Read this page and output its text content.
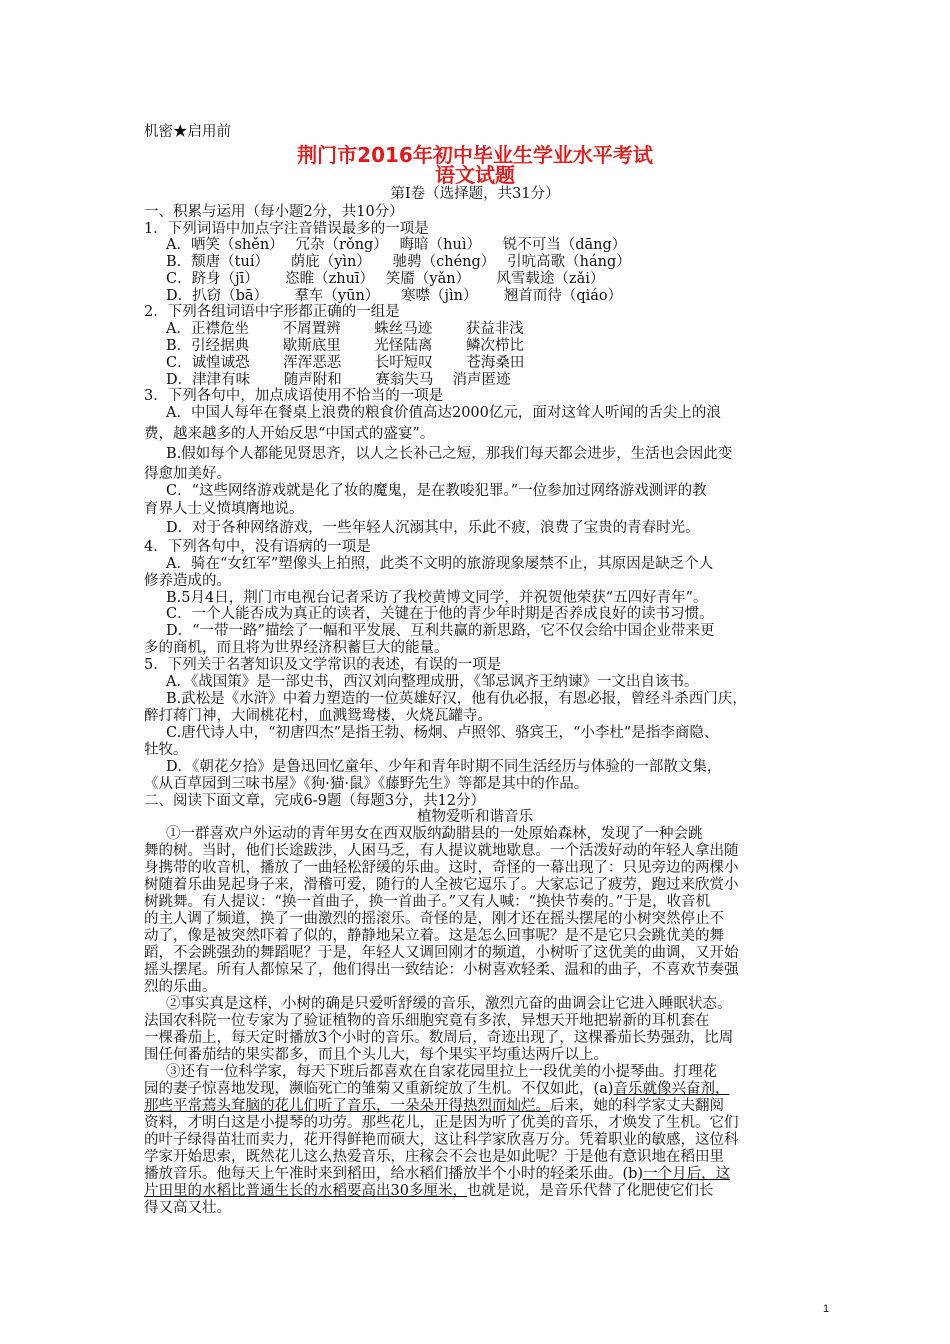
机密★启用前
荆门市2016年初中毕业生学业水平考试
语文试题
第Ⅰ卷（选择题，共31分）
一、积累与运用（每小题2分，共10分）
1．下列词语中加点字注音错误最多的一项是
A．哂笑（shěn）　 冗杂（rǒng）　 晦暗（huì）　　锐不可当（dāng）
B．颓唐（tuí）　　荫庇（yìn）　　驰骋（chéng）　 引吭高歌（háng）
C．跻身（jī）　　 恣睢（zhuī）　 笑靥（yǎn）　　 风雪载途（zǎi）
D．扒窃（bā）　　 羣车（yūn）　　寒噤（jìn）　　 翘首而待（qiáo）
2．下列各组词语中字形都正确的一组是
A．正襟危坐　　 不屑置辨　　 蛛丝马迹　　 获益非浅
B．引经据典　　 歇斯底里　　 光怪陆离　　 鳞次栉比
C．诚惶诚恐　　 浑浑恶恶　　 长吁短叹　　 苍海桑田
D．津津有味　　 随声附和　　 赛翁失马　 消声匿迹
3．下列各句中，加点成语使用不恰当的一项是
A．中国人每年在餐桌上浪费的粮食价值高达2000亿元，面对这耸人听闻的舌尖上的浪
费，越来越多的人开始反思“中国式的盛宴”。
B.假如每个人都能见贤思齐，以人之长补己之短，那我们每天都会进步，生活也会因此变
得愈加美好。
C．“这些网络游戏就是化了妆的魔鬼，是在教唆犯罪。”一位参加过网络游戏测评的教
育界人士义愤填膺地说。
D．对于各种网络游戏，一些年轻人沉溺其中，乐此不疲，浪费了宝贵的青春时光。
4．下列各句中，没有语病的一项是
A．骑在“女红军”塑像头上拍照，此类不文明的旅游现象屡禁不止，其原因是缺乏个人
修养造成的。
B.5月4日，荆门市电视台记者采访了我校黄博文同学，并祝贺他荣获“五四好青年”。
C．一个人能否成为真正的读者，关键在于他的青少年时期是否养成良好的读书习惯。
D．“一带一路”描绘了一幅和平发展、互利共赢的新思路，它不仅会给中国企业带来更
多的商机，而且将为世界经济积蓄巨大的能量。
5．下列关于名著知识及文学常识的表述，有误的一项是
A．《战国策》是一部史书，西汉刘向整理成册，《邹忌讽齐王纳谏》一文出自该书。
B.武松是《水浒》中着力塑造的一位英雄好汉，他有仇必报，有恩必报，曾经斗杀西门庆，
醉打蒋门神，大闹桃花村，血溅鸳鸯楼，火烧瓦罐寺。
C.唐代诗人中，“初唐四杰”是指王勃、杨炯、卢照邻、骆宾王，“小李杜”是指李商隐、
牡牧。
D．《朝花夕拾》是鲁迅回忆童年、少年和青年时期不同生活经历与体验的一部散文集，
《从百草园到三味书屋》《狗·猫·鼠》《藤野先生》等都是其中的作品。
二、阅读下面文章，完成6-9题（每题3分，共12分）
植物爱听和谐音乐
①一群喜欢户外运动的青年男女在西双版纳勐腊县的一处原始森林，发现了一种会跳
舞的树。当时，他们长途跋涉，人困马乏，有人提议就地歇息。一个活泼好动的年轻人拿出随
身携带的收音机，播放了一曲轻松舒缓的乐曲。这时，奇怪的一幕出现了：只见旁边的两棵小
树随着乐曲晃起身子来，滑稽可爱，随行的人全被它逗乐了。大家忘记了疲劳，跑过来欣赏小
树跳舞。有人提议：“换一首曲子，换一首曲子。”又有人喊：“换快节奏的。”于是，收音机
的主人调了频道，换了一曲激烈的摇滚乐。奇怪的是，刚才还在摇头摆尾的小树突然停止不
动了，像是被突然吓着了似的，静静地呆立着。这是怎么回事呢？是不是它只会跳优美的舞
蹈，不会跳强劲的舞蹈呢？于是，年轻人又调回刚才的频道，小树听了这优美的曲调，又开始
摇头摆尾。所有人都惊呆了，他们得出一致结论：小树喜欢轻柔、温和的曲子，不喜欢节奏强
烈的乐曲。
②事实真是这样，小树的确是只爱听舒缓的音乐，激烈亢奋的曲调会让它进入睡眠状态。
法国农科院一位专家为了验证植物的音乐细胞究竟有多浓，异想天开地把崭新的耳机套在
一棵番茄上，每天定时播放3个小时的音乐。数周后，奇迹出现了，这棵番茄长势强劲，比周
围任何番茄结的果实都多，而且个头儿大，每个果实平均重达两斤以上。
③还有一位科学家，每天下班后都喜欢在自家花园里拉上一段优美的小提琴曲。打理花
园的妻子惊喜地发现，濒临死亡的雏菊又重新绽放了生机。不仅如此，(a)音乐就像兴奋剂，
那些平常蔫头耷脑的花儿们听了音乐，一朵朵开得热烈而灿烂。后来，她的科学家丈夫翻阅
资料，才明白这是小提琴的功劳。那些花儿，正是因为听了优美的音乐，才焕发了生机。它们
的叶子绿得苗壮而卖力，花开得鲜艳而硕大，这让科学家欣喜万分。凭着职业的敏感，这位科
学家开始思索，既然花儿这么热爱音乐，庄稼会不会也是如此呢？于是他有意识地在稻田里
播放音乐。他每天上午准时来到稻田，给水稻们播放半个小时的轻柔乐曲。(b)一个月后，这
片田里的水稻比普通生长的水稻要高出30多厘米，也就是说，是音乐代替了化肥使它们长
得又高又壮。
1
